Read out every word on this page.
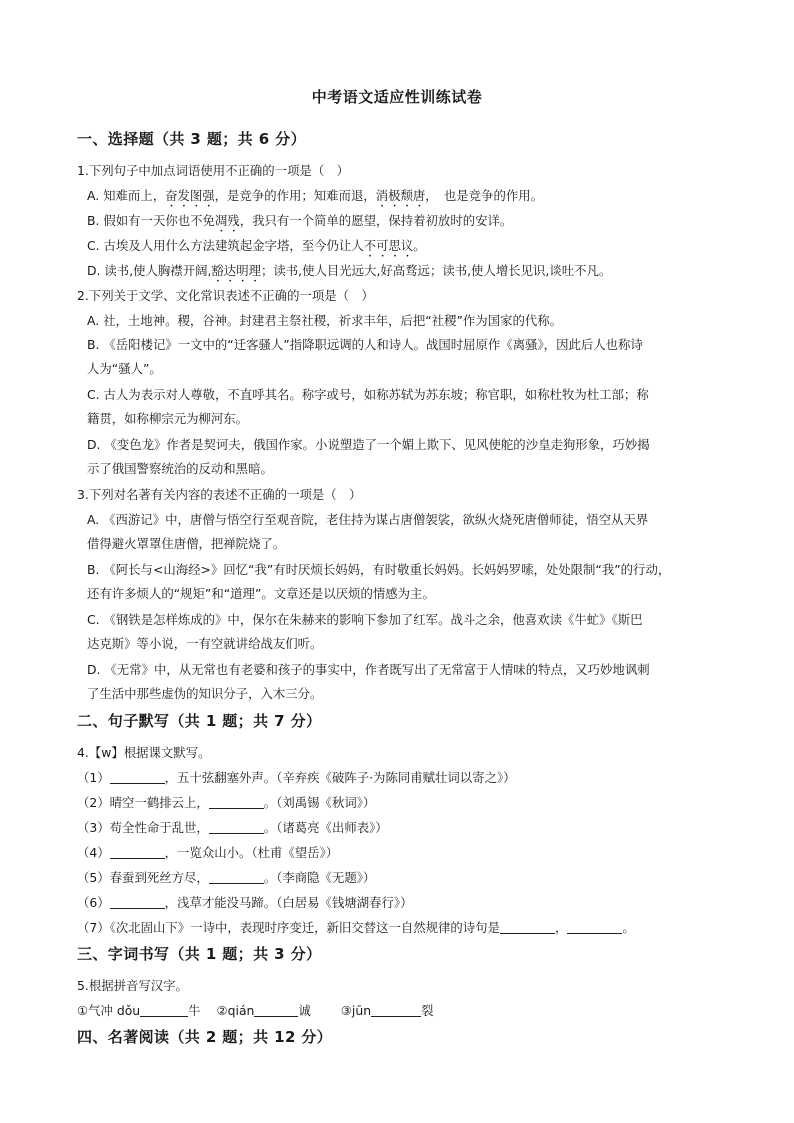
中考语文适应性训练试卷
一、选择题（共 3 题；共 6 分）
1.下列句子中加点词语使用不正确的一项是（　）
A. 知难而上，奋发图强，是竞争的作用；知难而退，消极颓唐，　也是竞争的作用。
B. 假如有一天你也不免凋残，我只有一个简单的愿望，保持着初放时的安详。
C. 古埃及人用什么方法建筑起金字塔，至今仍让人不可思议。
D. 读书,使人胸襟开阔,豁达明理；读书,使人目光远大,好高骛远；读书,使人增长见识,谈吐不凡。
2.下列关于文学、文化常识表述不正确的一项是（　）
A. 社，土地神。稷，谷神。封建君主祭社稷，祈求丰年，后把“社稷”作为国家的代称。
B. 《岳阳楼记》一文中的“迁客骚人”指降职远调的人和诗人。战国时屈原作《离骚》，因此后人也称诗
人为“骚人”。
C. 古人为表示对人尊敬，不直呼其名。称字或号，如称苏轼为苏东坡；称官职，如称杜牧为杜工部；称
籍贯，如称柳宗元为柳河东。
D. 《变色龙》作者是契诃夫，俄国作家。小说塑造了一个媚上欺下、见风使舵的沙皇走狗形象，巧妙揭
示了俄国警察统治的反动和黑暗。
3.下列对名著有关内容的表述不正确的一项是（　）
A. 《西游记》中，唐僧与悟空行至观音院，老住持为谋占唐僧袈裟，欲纵火烧死唐僧师徒，悟空从天界
借得避火罩罩住唐僧，把禅院烧了。
B. 《阿长与<山海经>》回忆“我”有时厌烦长妈妈，有时敬重长妈妈。长妈妈罗嗦，处处限制“我”的行动，
还有许多烦人的“规矩”和“道理”。文章还是以厌烦的情感为主。
C. 《钢铁是怎样炼成的》中，保尔在朱赫来的影响下参加了红军。战斗之余，他喜欢读《牛虻》《斯巴
达克斯》等小说，一有空就讲给战友们听。
D. 《无常》中，从无常也有老婆和孩子的事实中，作者既写出了无常富于人情味的特点，又巧妙地讽刺
了生活中那些虚伪的知识分子，入木三分。
二、句子默写（共 1 题；共 7 分）
4.【w】根据课文默写。
（1）	，五十弦翻塞外声。（辛弃疾《破阵子·为陈同甫赋壮词以寄之》）
（2）晴空一鹤排云上，	。（刘禹锡《秋词》）
（3）苟全性命于乱世，	。（诸葛亮《出师表》）
（4）	，一览众山小。（杜甫《望岳》）
（5）春蚕到死丝方尽，	。（李商隐《无题》）
（6）	，浅草才能没马蹄。（白居易《钱塘湖春行》）
（7）《次北固山下》一诗中，表现时序变迁，新旧交替这一自然规律的诗句是	，	。
三、字词书写（共 1 题；共 3 分）
5.根据拼音写汉字。
①气冲 dǒu	牛 ②qián	诚 ③jūn	裂
四、名著阅读（共 2 题；共 12 分）
